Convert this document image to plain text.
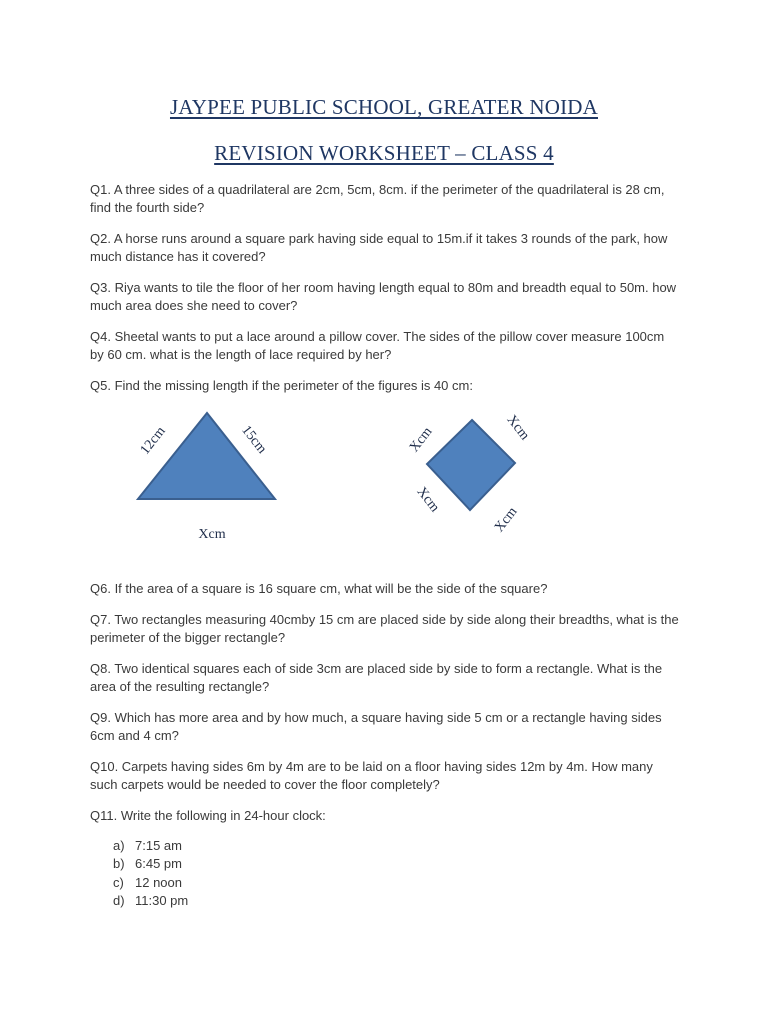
JAYPEE PUBLIC SCHOOL, GREATER NOIDA
REVISION WORKSHEET – CLASS 4

Q1. A three sides of a quadrilateral are 2cm, 5cm, 8cm. if the perimeter of the quadrilateral is 28 cm, find the fourth side?

Q2. A horse runs around a square park having side equal to 15m.if it takes 3 rounds of the park, how much distance has it covered?

Q3. Riya wants to tile the floor of her room having length equal to 80m and breadth equal to 50m. how much area does she need to cover?

Q4. Sheetal wants to put a lace around a pillow cover. The sides of the pillow cover measure 100cm by 60 cm. what is the length of lace required by her?

Q5. Find the missing length if the perimeter of the figures is 40 cm:

12cm	15cm
Xcm
Xcm	Xcm
Xcm
Xcm

Q6. If the area of a square is 16 square cm, what will be the side of the square?

Q7. Two rectangles measuring 40cmby 15 cm are placed side by side along their breadths, what is the perimeter of the bigger rectangle?

Q8. Two identical squares each of side 3cm are placed side by side to form a rectangle. What is the area of the resulting rectangle?

Q9. Which has more area and by how much, a square having side 5 cm or a rectangle having sides 6cm and 4 cm?

Q10. Carpets having sides 6m by 4m are to be laid on a floor having sides 12m by 4m. How many such carpets would be needed to cover the floor completely?

Q11. Write the following in 24-hour clock:

a) 7:15 am
b) 6:45 pm
c) 12 noon
d) 11:30 pm
